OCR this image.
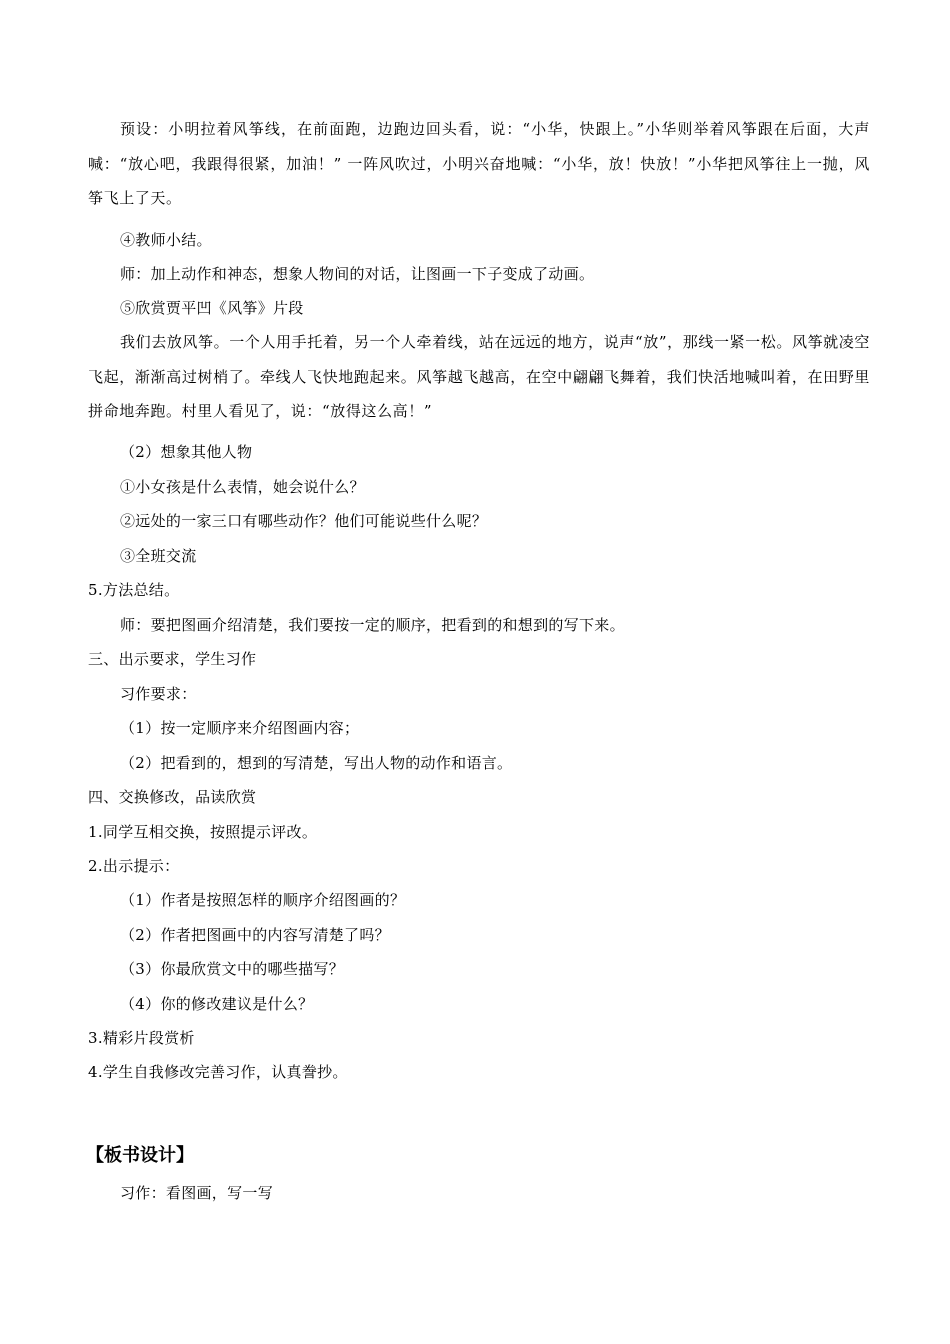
预设：小明拉着风筝线，在前面跑，边跑边回头看，说：“小华，快跟上。”小华则举着风筝跟在后面，大声喊：“放心吧，我跟得很紧，加油！” 一阵风吹过，小明兴奋地喊：“小华，放！快放！”小华把风筝往上一抛，风筝飞上了天。
④教师小结。
师：加上动作和神态，想象人物间的对话，让图画一下子变成了动画。
⑤欣赏贾平凹《风筝》片段
我们去放风筝。一个人用手托着，另一个人牵着线，站在远远的地方，说声“放”，那线一紧一松。风筝就凌空飞起，渐渐高过树梢了。牵线人飞快地跑起来。风筝越飞越高，在空中翩翩飞舞着，我们快活地喊叫着，在田野里拼命地奔跑。村里人看见了，说：“放得这么高！”
（2）想象其他人物
①小女孩是什么表情，她会说什么？
②远处的一家三口有哪些动作？他们可能说些什么呢？
③全班交流
5.方法总结。
师：要把图画介绍清楚，我们要按一定的顺序，把看到的和想到的写下来。
三、出示要求，学生习作
习作要求：
（1）按一定顺序来介绍图画内容；
（2）把看到的，想到的写清楚，写出人物的动作和语言。
四、交换修改，品读欣赏
1.同学互相交换，按照提示评改。
2.出示提示：
（1）作者是按照怎样的顺序介绍图画的？
（2）作者把图画中的内容写清楚了吗？
（3）你最欣赏文中的哪些描写？
（4）你的修改建议是什么？
3.精彩片段赏析
4.学生自我修改完善习作，认真誊抄。
【板书设计】
习作：看图画，写一写
